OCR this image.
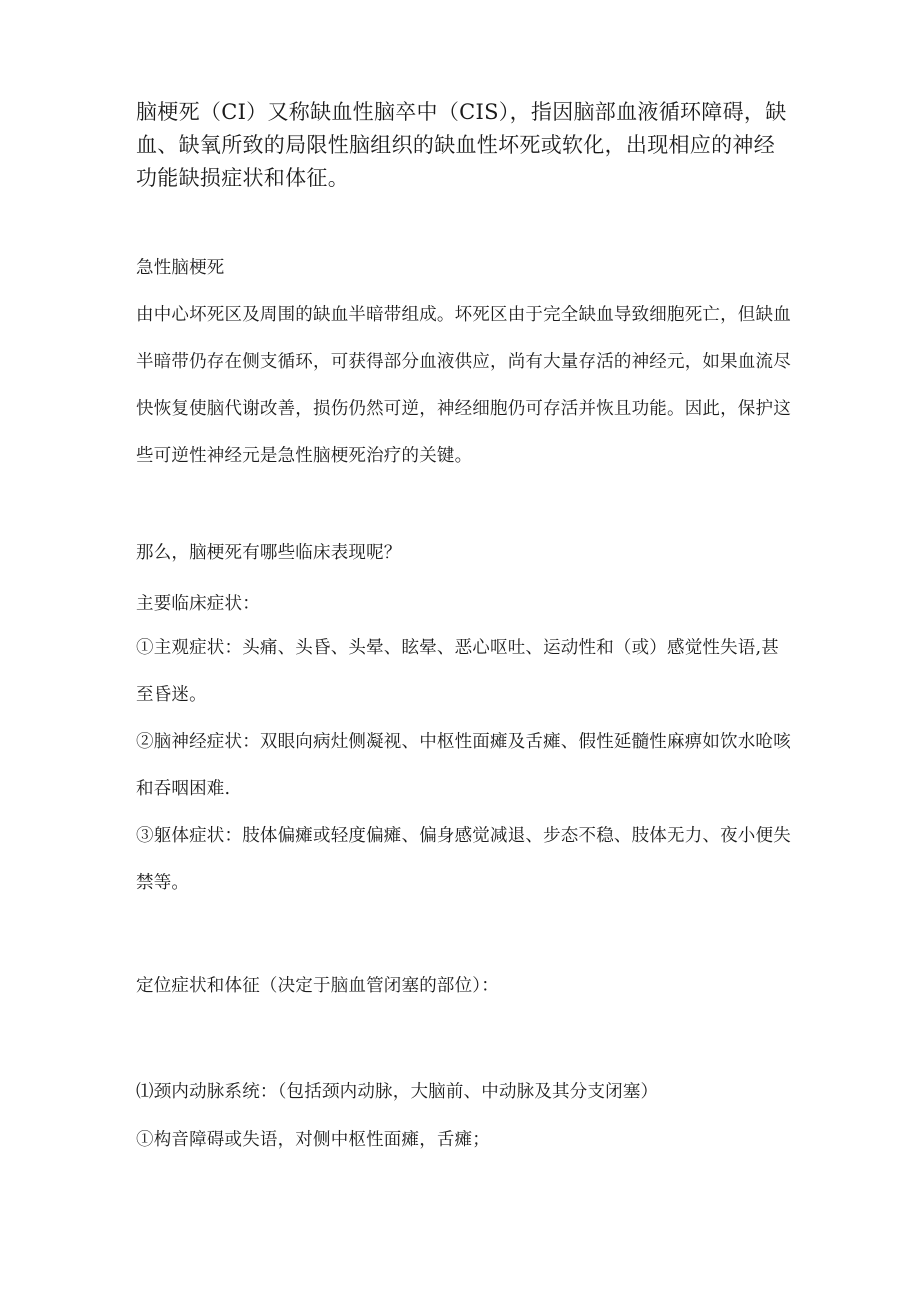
脑梗死（CI）又称缺血性脑卒中（CIS），指因脑部血液循环障碍，缺血、缺氧所致的局限性脑组织的缺血性坏死或软化，出现相应的神经功能缺损症状和体征。

急性脑梗死

由中心坏死区及周围的缺血半暗带组成。坏死区由于完全缺血导致细胞死亡，但缺血半暗带仍存在侧支循环，可获得部分血液供应，尚有大量存活的神经元，如果血流尽快恢复使脑代谢改善，损伤仍然可逆，神经细胞仍可存活并恢且功能。因此，保护这些可逆性神经元是急性脑梗死治疗的关键。

那么，脑梗死有哪些临床表现呢？

主要临床症状：

①主观症状：头痛、头昏、头晕、眩晕、恶心呕吐、运动性和（或）感觉性失语,甚至昏迷。

②脑神经症状：双眼向病灶侧凝视、中枢性面瘫及舌瘫、假性延髓性麻痹如饮水呛咳和吞咽困难.

③躯体症状：肢体偏瘫或轻度偏瘫、偏身感觉减退、步态不稳、肢体无力、夜小便失禁等。

定位症状和体征（决定于脑血管闭塞的部位）：

⑴颈内动脉系统：（包括颈内动脉，大脑前、中动脉及其分支闭塞）

①构音障碍或失语，对侧中枢性面瘫，舌瘫；
